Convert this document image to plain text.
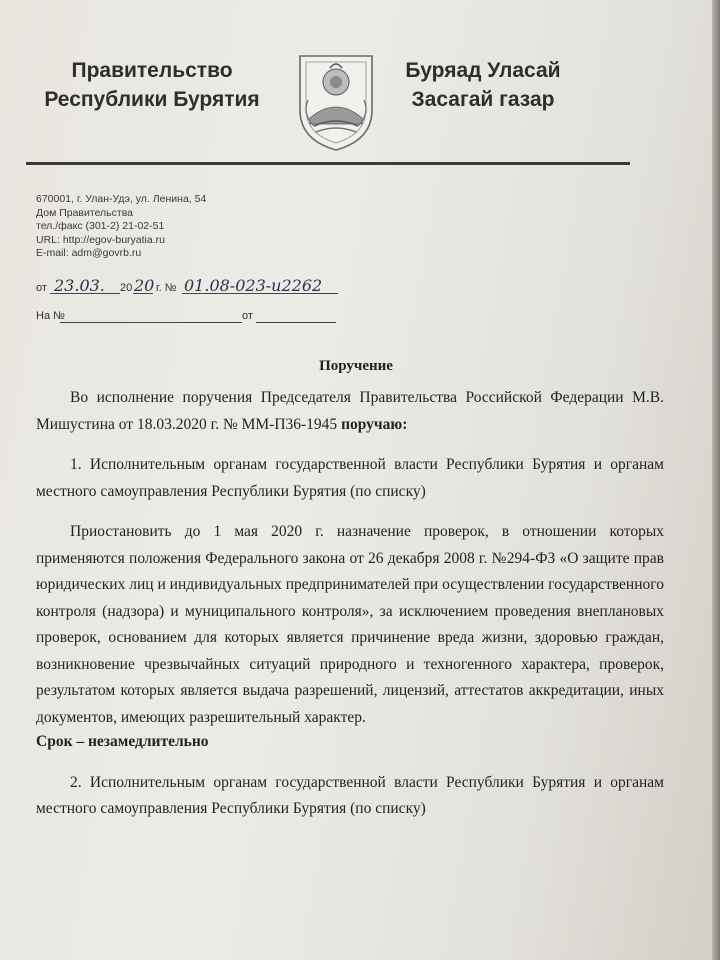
Правительство
Республики Бурятия
Буряад Уласай
Засагай газар
670001, г. Улан-Удэ, ул. Ленина, 54
Дом Правительства
тел./факс (301-2) 21-02-51
URL: http://egov-buryatia.ru
E-mail: adm@govrb.ru
от 23.03. 20 20 г. № 01.08-023-и2262
На №	от
Поручение

Во исполнение поручения Председателя Правительства Российской Федерации М.В. Мишустина от 18.03.2020 г. № ММ-П36-1945 поручаю:

1. Исполнительным органам государственной власти Республики Бурятия и органам местного самоуправления Республики Бурятия (по списку)

Приостановить до 1 мая 2020 г. назначение проверок, в отношении которых применяются положения Федерального закона от 26 декабря 2008 г. №294-ФЗ «О защите прав юридических лиц и индивидуальных предпринимателей при осуществлении государственного контроля (надзора) и муниципального контроля», за исключением проведения внеплановых проверок, основанием для которых является причинение вреда жизни, здоровью граждан, возникновение чрезвычайных ситуаций природного и техногенного характера, проверок, результатом которых является выдача разрешений, лицензий, аттестатов аккредитации, иных документов, имеющих разрешительный характер.

Срок – незамедлительно

2. Исполнительным органам государственной власти Республики Бурятия и органам местного самоуправления Республики Бурятия (по списку)
